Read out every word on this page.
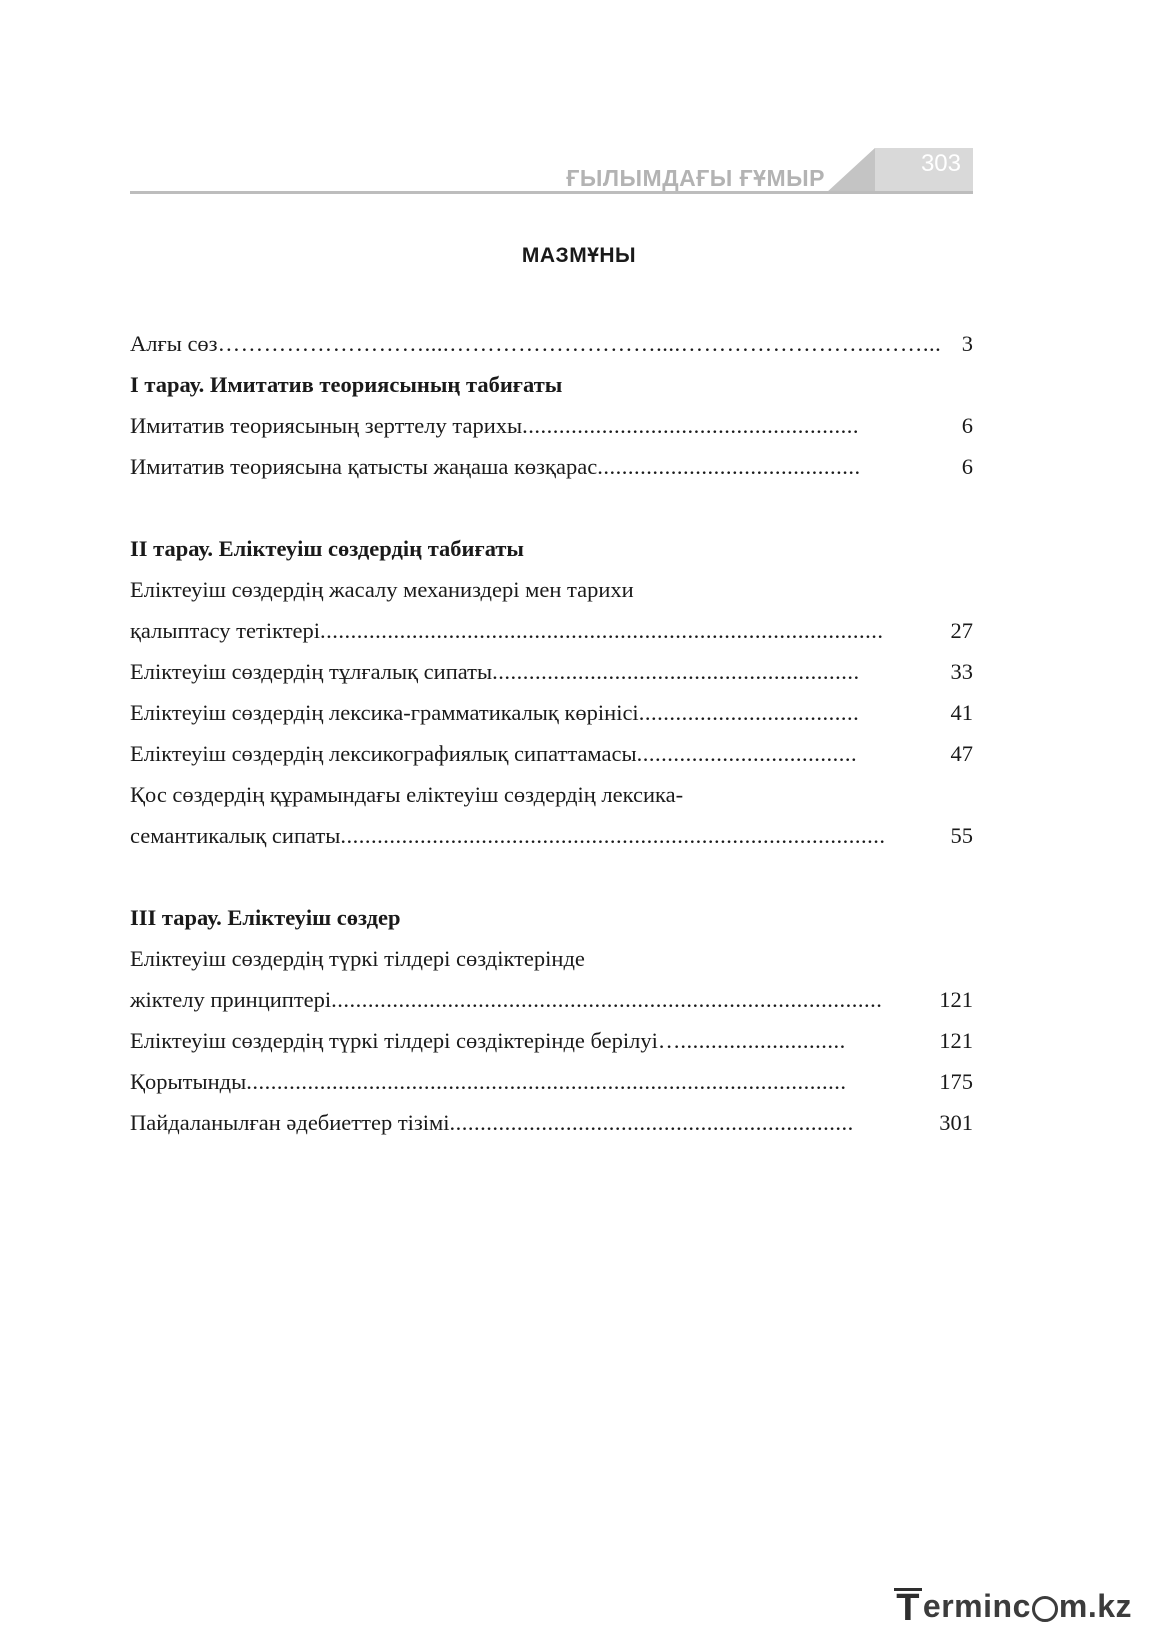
ҒЫЛЫМДАҒЫ ҒҰМЫР
303
МАЗМҰНЫ
Алғы сөз ………………………....………………………....……………………..……... 3
I тарау. Имитатив теориясының табиғаты
Имитатив теориясының зерттелу тарихы .......................................................	6
Имитатив теориясына қатысты жаңаша көзқарас ...........................................	6
II тарау. Еліктеуіш сөздердің табиғаты
Еліктеуіш сөздердің жасалу механиздері мен тарихи
қалыптасу тетіктері ............................................................................................	27
Еліктеуіш сөздердің тұлғалық сипаты ............................................................	33
Еліктеуіш сөздердің лексика-грамматикалық көрінісі ....................................	41
Еліктеуіш сөздердің лексикографиялық сипаттамасы ....................................	47
Қос сөздердің құрамындағы еліктеуіш сөздердің лексика-
семантикалық сипаты .........................................................................................	55
III тарау. Еліктеуіш сөздер
Еліктеуіш сөздердің түркі тілдері сөздіктерінде
жіктелу принциптері ..........................................................................................	121
Еліктеуіш сөздердің түркі тілдері сөздіктерінде берілуі… ...........................	121
Қорытынды ..................................................................................................	175
Пайдаланылған әдебиеттер тізімі ..................................................................	301
T ermin c m.kz
